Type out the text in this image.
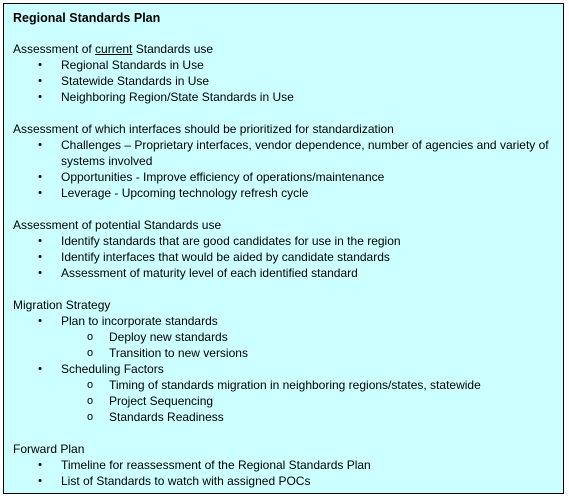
Regional Standards Plan
Assessment of current Standards use
• Regional Standards in Use
• Statewide Standards in Use
• Neighboring Region/State Standards in Use
Assessment of which interfaces should be prioritized for standardization
• Challenges – Proprietary interfaces, vendor dependence, number of agencies and variety of systems involved
• Opportunities - Improve efficiency of operations/maintenance
• Leverage - Upcoming technology refresh cycle
Assessment of potential Standards use
• Identify standards that are good candidates for use in the region
• Identify interfaces that would be aided by candidate standards
• Assessment of maturity level of each identified standard
Migration Strategy
• Plan to incorporate standards
o Deploy new standards
o Transition to new versions
• Scheduling Factors
o Timing of standards migration in neighboring regions/states, statewide
o Project Sequencing
o Standards Readiness
Forward Plan
• Timeline for reassessment of the Regional Standards Plan
• List of Standards to watch with assigned POCs
